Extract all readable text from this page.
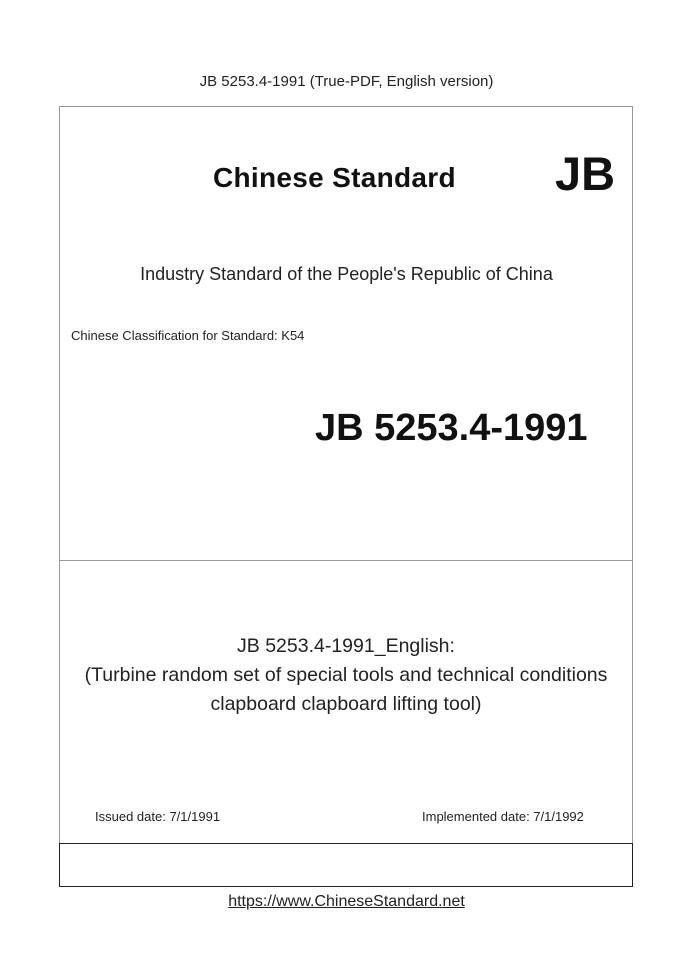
JB 5253.4-1991 (True-PDF, English version)
Chinese Standard JB
Industry Standard of the People's Republic of China
Chinese Classification for Standard: K54
JB 5253.4-1991
JB 5253.4-1991_English:
(Turbine random set of special tools and technical conditions
clapboard clapboard lifting tool)
Issued date: 7/1/1991	Implemented date: 7/1/1992
https://www.ChineseStandard.net
